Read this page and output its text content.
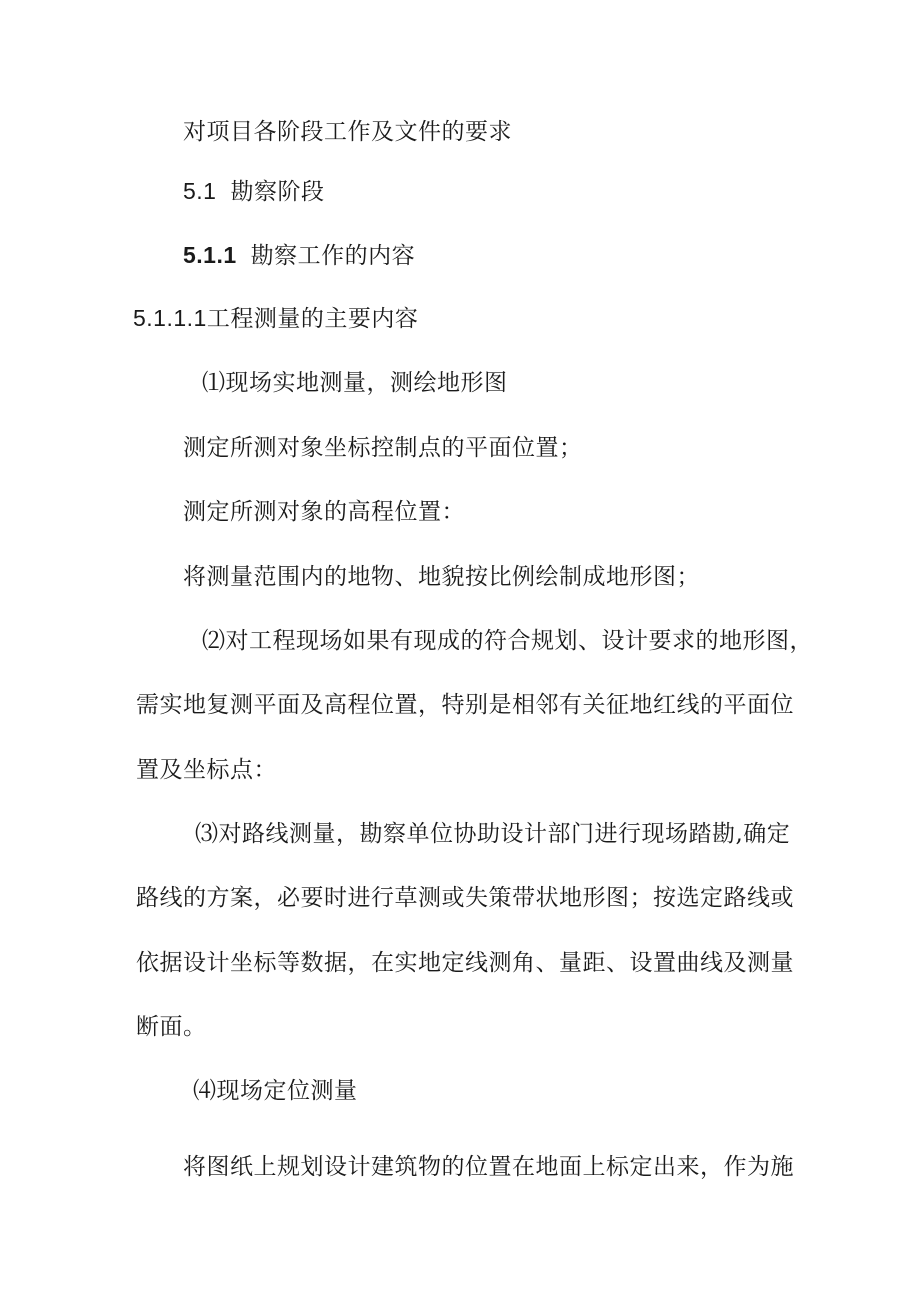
对项目各阶段工作及文件的要求
5.1 勘察阶段
5.1.1 勘察工作的内容
5.1.1.1工程测量的主要内容
⑴现场实地测量，测绘地形图
测定所测对象坐标控制点的平面位置；
测定所测对象的高程位置：
将测量范围内的地物、地貌按比例绘制成地形图；
⑵对工程现场如果有现成的符合规划、设计要求的地形图，
需实地复测平面及高程位置，特别是相邻有关征地红线的平面位
置及坐标点：
⑶对路线测量，勘察单位协助设计部门进行现场踏勘,确定
路线的方案，必要时进行草测或失策带状地形图；按选定路线或
依据设计坐标等数据，在实地定线测角、量距、设置曲线及测量
断面。
⑷现场定位测量
将图纸上规划设计建筑物的位置在地面上标定出来，作为施
